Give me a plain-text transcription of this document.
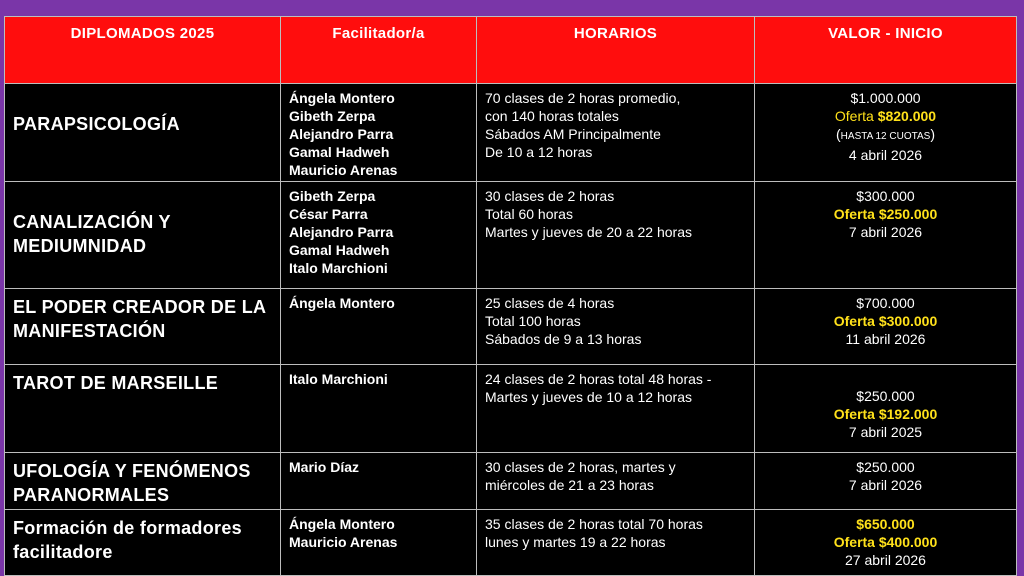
DIPLOMADOS 2025	Facilitador/a	HORARIOS	VALOR - INICIO

PARAPSICOLOGÍA	Ángela Montero
Gibeth Zerpa
Alejandro Parra
Gamal Hadweh
Mauricio Arenas	70 clases de 2 horas promedio,
con 140 horas totales
Sábados AM Principalmente
De 10 a 12 horas	$1.000.000
Oferta $820.000
(HASTA 12 CUOTAS)
4 abril 2026

CANALIZACIÓN Y
MEDIUMNIDAD	Gibeth Zerpa
César Parra
Alejandro Parra
Gamal Hadweh
Italo Marchioni	30 clases de 2 horas
Total 60 horas
Martes y jueves de 20 a 22 horas	$300.000
Oferta $250.000
7 abril 2026

EL PODER CREADOR DE LA
MANIFESTACIÓN	Ángela Montero	25 clases de 4 horas
Total 100 horas
Sábados de 9 a 13 horas	$700.000
Oferta $300.000
11 abril 2026

TAROT DE MARSEILLE	Italo Marchioni	24 clases de 2 horas total 48 horas -
Martes y jueves de 10 a 12 horas	$250.000
Oferta $192.000
7 abril 2025

UFOLOGÍA Y FENÓMENOS
PARANORMALES	Mario Díaz	30 clases de 2 horas, martes y
miércoles de 21 a 23 horas	$250.000
7 abril 2026

Formación de formadores
facilitadore	Ángela Montero
Mauricio Arenas	35 clases de 2 horas total 70 horas
lunes y martes 19 a 22 horas	$650.000
Oferta $400.000
27 abril 2026
